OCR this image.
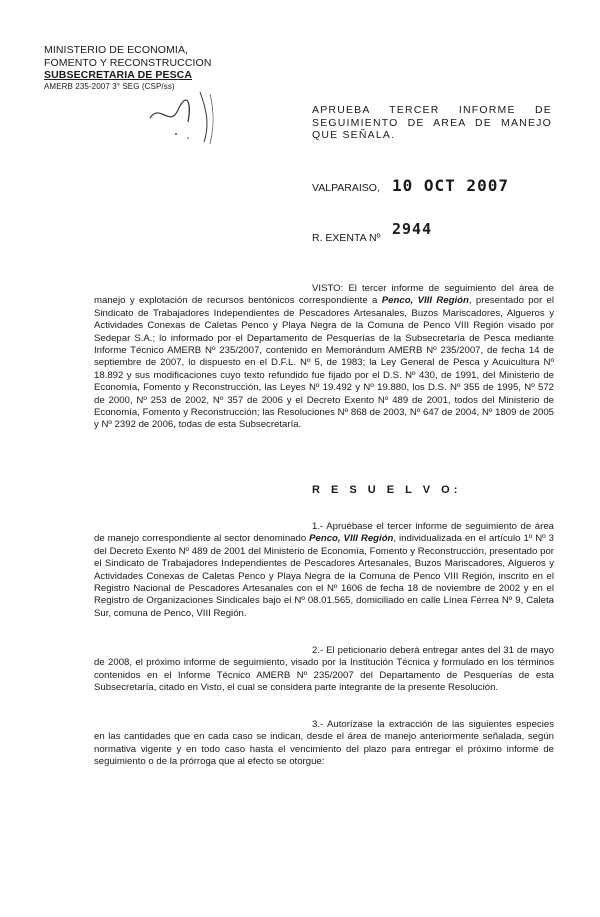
MINISTERIO DE ECONOMIA,
FOMENTO Y RECONSTRUCCION
SUBSECRETARIA DE PESCA
AMERB 235-2007 3° SEG (CSP/ss)
APRUEBA TERCER INFORME DE SEGUIMIENTO DE AREA DE MANEJO QUE SEÑALA.
VALPARAISO, 10 OCT 2007
R. EXENTA Nº 2944
VISTO: El tercer informe de seguimiento del área de manejo y explotación de recursos bentónicos correspondiente a Penco, VIII Región, presentado por el Sindicato de Trabajadores Independientes de Pescadores Artesanales, Buzos Mariscadores, Algueros y Actividades Conexas de Caletas Penco y Playa Negra de la Comuna de Penco VIII Región visado por Sedepar S.A.; lo informado por el Departamento de Pesquerías de la Subsecretaría de Pesca mediante Informe Técnico AMERB Nº 235/2007, contenido en Memorándum AMERB Nº 235/2007, de fecha 14 de septiembre de 2007, lo dispuesto en el D.F.L. Nº 5, de 1983; la Ley General de Pesca y Acuicultura Nº 18.892 y sus modificaciones cuyo texto refundido fue fijado por el D.S. Nº 430, de 1991, del Ministerio de Economía, Fomento y Reconstrucción, las Leyes Nº 19.492 y Nº 19.880, los D.S. Nº 355 de 1995, Nº 572 de 2000, Nº 253 de 2002, Nº 357 de 2006 y el Decreto Exento Nº 489 de 2001, todos del Ministerio de Economía, Fomento y Reconstrucción; las Resoluciones Nº 868 de 2003, Nº 647 de 2004, Nº 1809 de 2005 y Nº 2392 de 2006, todas de esta Subsecretaría.
R E S U E L V O:
1.- Apruébase el tercer informe de seguimiento de área de manejo correspondiente al sector denominado Penco, VIII Región, individualizada en el artículo 1º Nº 3 del Decreto Exento Nº 489 de 2001 del Ministerio de Economía, Fomento y Reconstrucción, presentado por el Sindicato de Trabajadores Independientes de Pescadores Artesanales, Buzos Mariscadores, Algueros y Actividades Conexas de Caletas Penco y Playa Negra de la Comuna de Penco VIII Región, inscrito en el Registro Nacional de Pescadores Artesanales con el Nº 1606 de fecha 18 de noviembre de 2002 y en el Registro de Organizaciones Sindicales bajo el Nº 08.01.565, domiciliado en calle Línea Férrea Nº 9, Caleta Sur, comuna de Penco, VIII Región.
2.- El peticionario deberá entregar antes del 31 de mayo de 2008, el próximo informe de seguimiento, visado por la Institución Técnica y formulado en los términos contenidos en el Informe Técnico AMERB Nº 235/2007 del Departamento de Pesquerías de esta Subsecretaría, citado en Visto, el cual se considera parte integrante de la presente Resolución.
3.- Autorízase la extracción de las siguientes especies en las cantidades que en cada caso se indican, desde el área de manejo anteriormente señalada, según normativa vigente y en todo caso hasta el vencimiento del plazo para entregar el próximo informe de seguimiento o de la prórroga que al efecto se otorgue:
